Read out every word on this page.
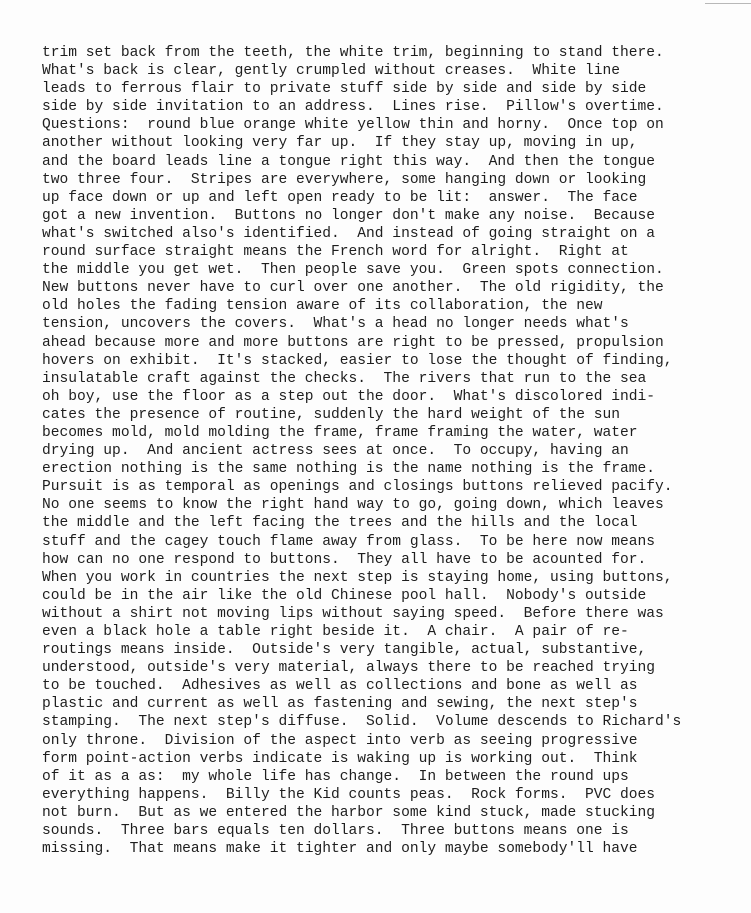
trim set back from the teeth, the white trim, beginning to stand there.
What's back is clear, gently crumpled without creases.  White line
leads to ferrous flair to private stuff side by side and side by side
side by side invitation to an address.  Lines rise.  Pillow's overtime.
Questions:  round blue orange white yellow thin and horny.  Once top on
another without looking very far up.  If they stay up, moving in up,
and the board leads line a tongue right this way.  And then the tongue
two three four.  Stripes are everywhere, some hanging down or looking
up face down or up and left open ready to be lit:  answer.  The face
got a new invention.  Buttons no longer don't make any noise.  Because
what's switched also's identified.  And instead of going straight on a
round surface straight means the French word for alright.  Right at
the middle you get wet.  Then people save you.  Green spots connection.
New buttons never have to curl over one another.  The old rigidity, the
old holes the fading tension aware of its collaboration, the new
tension, uncovers the covers.  What's a head no longer needs what's
ahead because more and more buttons are right to be pressed, propulsion
hovers on exhibit.  It's stacked, easier to lose the thought of finding,
insulatable craft against the checks.  The rivers that run to the sea
oh boy, use the floor as a step out the door.  What's discolored indi-
cates the presence of routine, suddenly the hard weight of the sun
becomes mold, mold molding the frame, frame framing the water, water
drying up.  And ancient actress sees at once.  To occupy, having an
erection nothing is the same nothing is the name nothing is the frame.
Pursuit is as temporal as openings and closings buttons relieved pacify.
No one seems to know the right hand way to go, going down, which leaves
the middle and the left facing the trees and the hills and the local
stuff and the cagey touch flame away from glass.  To be here now means
how can no one respond to buttons.  They all have to be acounted for.
When you work in countries the next step is staying home, using buttons,
could be in the air like the old Chinese pool hall.  Nobody's outside
without a shirt not moving lips without saying speed.  Before there was
even a black hole a table right beside it.  A chair.  A pair of re-
routings means inside.  Outside's very tangible, actual, substantive,
understood, outside's very material, always there to be reached trying
to be touched.  Adhesives as well as collections and bone as well as
plastic and current as well as fastening and sewing, the next step's
stamping.  The next step's diffuse.  Solid.  Volume descends to Richard's
only throne.  Division of the aspect into verb as seeing progressive
form point-action verbs indicate is waking up is working out.  Think
of it as a as:  my whole life has change.  In between the round ups
everything happens.  Billy the Kid counts peas.  Rock forms.  PVC does
not burn.  But as we entered the harbor some kind stuck, made stucking
sounds.  Three bars equals ten dollars.  Three buttons means one is
missing.  That means make it tighter and only maybe somebody'll have
